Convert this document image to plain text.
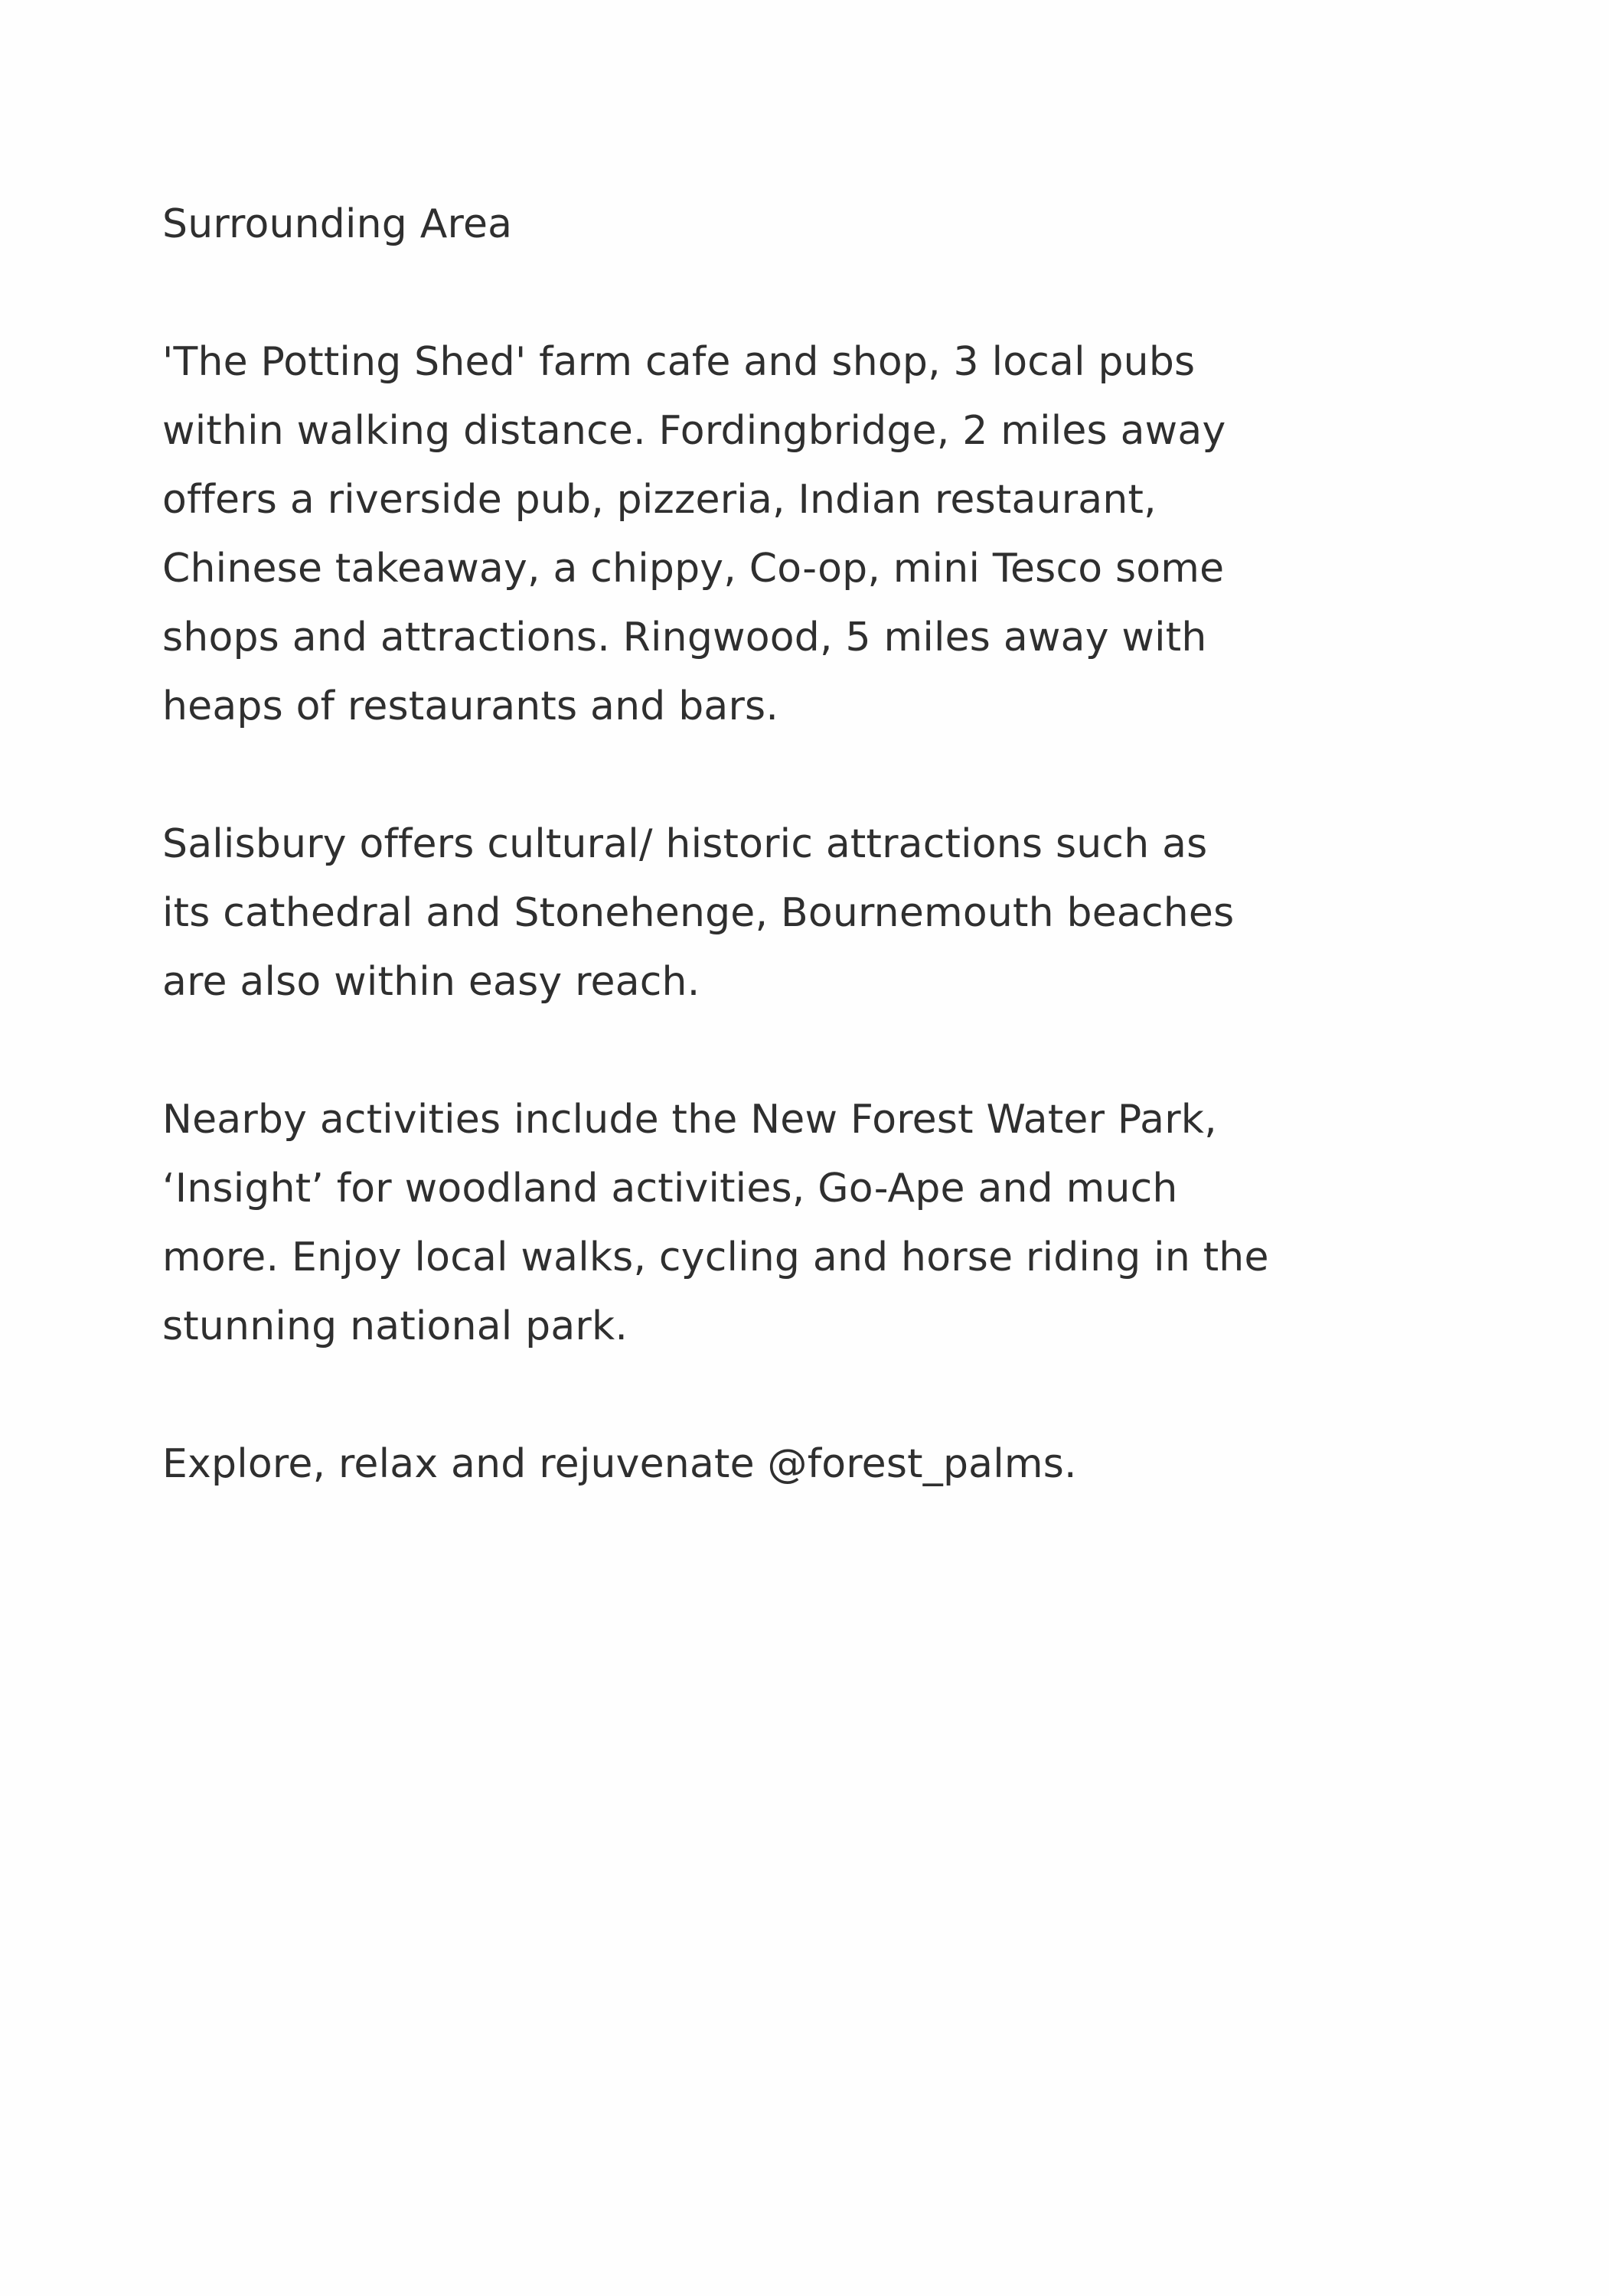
Surrounding Area
'The Potting Shed' farm cafe and shop, 3 local pubs
within walking distance. Fordingbridge, 2 miles away
offers a riverside pub, pizzeria, Indian restaurant,
Chinese takeaway, a chippy, Co-op, mini Tesco some
shops and attractions. Ringwood, 5 miles away with
heaps of restaurants and bars.
Salisbury offers cultural/ historic attractions such as
its cathedral and Stonehenge, Bournemouth beaches
are also within easy reach.
Nearby activities include the New Forest Water Park,
‘Insight’ for woodland activities, Go-Ape and much
more. Enjoy local walks, cycling and horse riding in the
stunning national park.
Explore, relax and rejuvenate @forest_palms.
